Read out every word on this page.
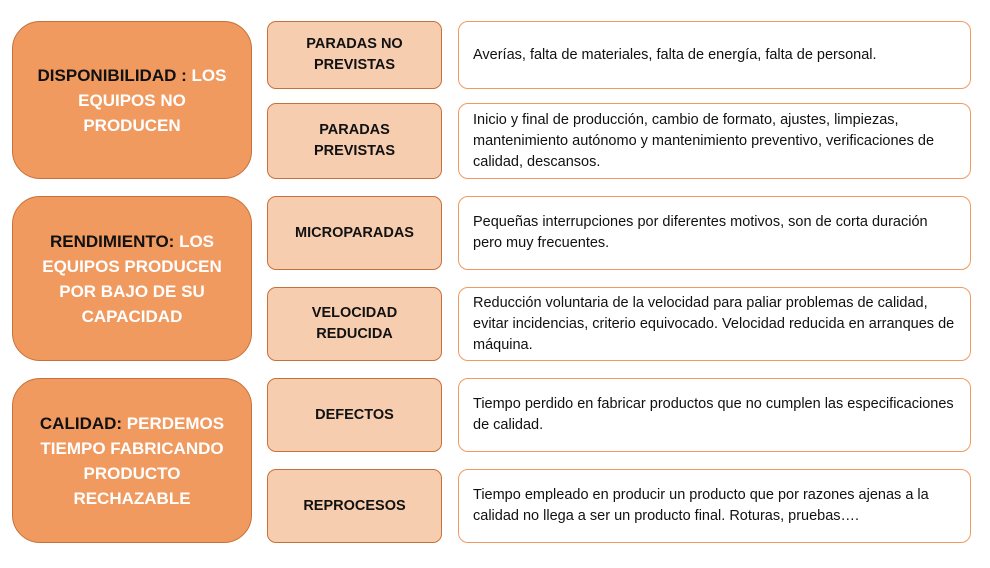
DISPONIBILIDAD : LOS EQUIPOS NO PRODUCEN
RENDIMIENTO: LOS EQUIPOS PRODUCEN POR BAJO DE SU CAPACIDAD
CALIDAD: PERDEMOS TIEMPO FABRICANDO PRODUCTO RECHAZABLE
PARADAS NO PREVISTAS
PARADAS PREVISTAS
MICROPARADAS
VELOCIDAD REDUCIDA
DEFECTOS
REPROCESOS
Averías, falta de materiales, falta de energía, falta de personal.
Inicio y final de producción, cambio de formato, ajustes, limpiezas, mantenimiento autónomo y mantenimiento preventivo, verificaciones de calidad, descansos.
Pequeñas interrupciones por diferentes motivos, son de corta duración pero muy frecuentes.
Reducción voluntaria de la velocidad para paliar problemas de calidad, evitar incidencias, criterio equivocado. Velocidad reducida en arranques de máquina.
Tiempo perdido en fabricar productos que no cumplen las especificaciones de calidad.
Tiempo empleado en producir un producto que por razones ajenas a la calidad no llega a ser un producto final. Roturas, pruebas….
